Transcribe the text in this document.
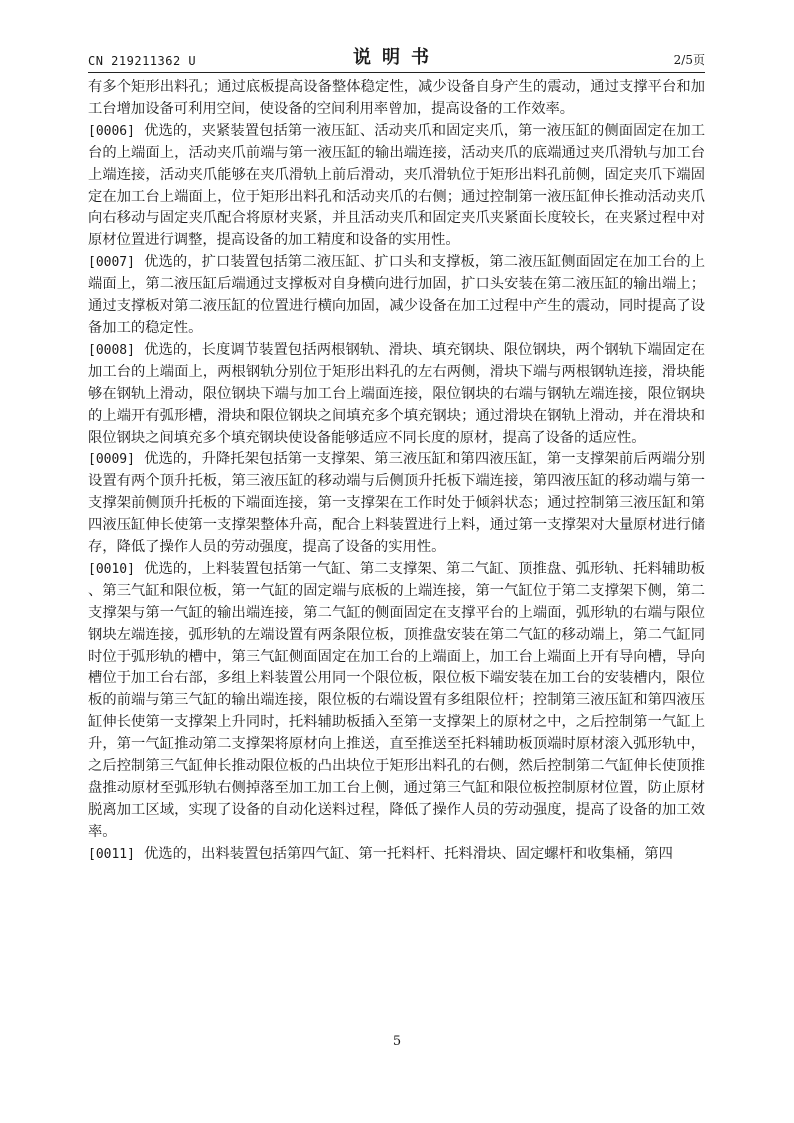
CN 219211362 U	说明书	2/5页

有多个矩形出料孔；通过底板提高设备整体稳定性，减少设备自身产生的震动，通过支撑平台和加工台增加设备可利用空间，使设备的空间利用率曾加，提高设备的工作效率。

[0006] 优选的，夹紧装置包括第一液压缸、活动夹爪和固定夹爪，第一液压缸的侧面固定在加工台的上端面上，活动夹爪前端与第一液压缸的输出端连接，活动夹爪的底端通过夹爪滑轨与加工台上端连接，活动夹爪能够在夹爪滑轨上前后滑动，夹爪滑轨位于矩形出料孔前侧，固定夹爪下端固定在加工台上端面上，位于矩形出料孔和活动夹爪的右侧；通过控制第一液压缸伸长推动活动夹爪向右移动与固定夹爪配合将原材夹紧，并且活动夹爪和固定夹爪夹紧面长度较长，在夹紧过程中对原材位置进行调整，提高设备的加工精度和设备的实用性。

[0007] 优选的，扩口装置包括第二液压缸、扩口头和支撑板，第二液压缸侧面固定在加工台的上端面上，第二液压缸后端通过支撑板对自身横向进行加固，扩口头安装在第二液压缸的输出端上；通过支撑板对第二液压缸的位置进行横向加固，减少设备在加工过程中产生的震动，同时提高了设备加工的稳定性。

[0008] 优选的，长度调节装置包括两根钢轨、滑块、填充钢块、限位钢块，两个钢轨下端固定在加工台的上端面上，两根钢轨分别位于矩形出料孔的左右两侧，滑块下端与两根钢轨连接，滑块能够在钢轨上滑动，限位钢块下端与加工台上端面连接，限位钢块的右端与钢轨左端连接，限位钢块的上端开有弧形槽，滑块和限位钢块之间填充多个填充钢块；通过滑块在钢轨上滑动，并在滑块和限位钢块之间填充多个填充钢块使设备能够适应不同长度的原材，提高了设备的适应性。

[0009] 优选的，升降托架包括第一支撑架、第三液压缸和第四液压缸，第一支撑架前后两端分别设置有两个顶升托板，第三液压缸的移动端与后侧顶升托板下端连接，第四液压缸的移动端与第一支撑架前侧顶升托板的下端面连接，第一支撑架在工作时处于倾斜状态；通过控制第三液压缸和第四液压缸伸长使第一支撑架整体升高，配合上料装置进行上料，通过第一支撑架对大量原材进行储存，降低了操作人员的劳动强度，提高了设备的实用性。

[0010] 优选的，上料装置包括第一气缸、第二支撑架、第二气缸、顶推盘、弧形轨、托料辅助板、第三气缸和限位板，第一气缸的固定端与底板的上端连接，第一气缸位于第二支撑架下侧，第二支撑架与第一气缸的输出端连接，第二气缸的侧面固定在支撑平台的上端面，弧形轨的右端与限位钢块左端连接，弧形轨的左端设置有两条限位板，顶推盘安装在第二气缸的移动端上，第二气缸同时位于弧形轨的槽中，第三气缸侧面固定在加工台的上端面上，加工台上端面上开有导向槽，导向槽位于加工台右部，多组上料装置公用同一个限位板，限位板下端安装在加工台的安装槽内，限位板的前端与第三气缸的输出端连接，限位板的右端设置有多组限位杆；控制第三液压缸和第四液压缸伸长使第一支撑架上升同时，托料辅助板插入至第一支撑架上的原材之中，之后控制第一气缸上升，第一气缸推动第二支撑架将原材向上推送，直至推送至托料辅助板顶端时原材滚入弧形轨中，之后控制第三气缸伸长推动限位板的凸出块位于矩形出料孔的右侧，然后控制第二气缸伸长使顶推盘推动原材至弧形轨右侧掉落至加工加工台上侧，通过第三气缸和限位板控制原材位置，防止原材脱离加工区域，实现了设备的自动化送料过程，降低了操作人员的劳动强度，提高了设备的加工效率。

[0011] 优选的，出料装置包括第四气缸、第一托料杆、托料滑块、固定螺杆和收集桶，第四

5
